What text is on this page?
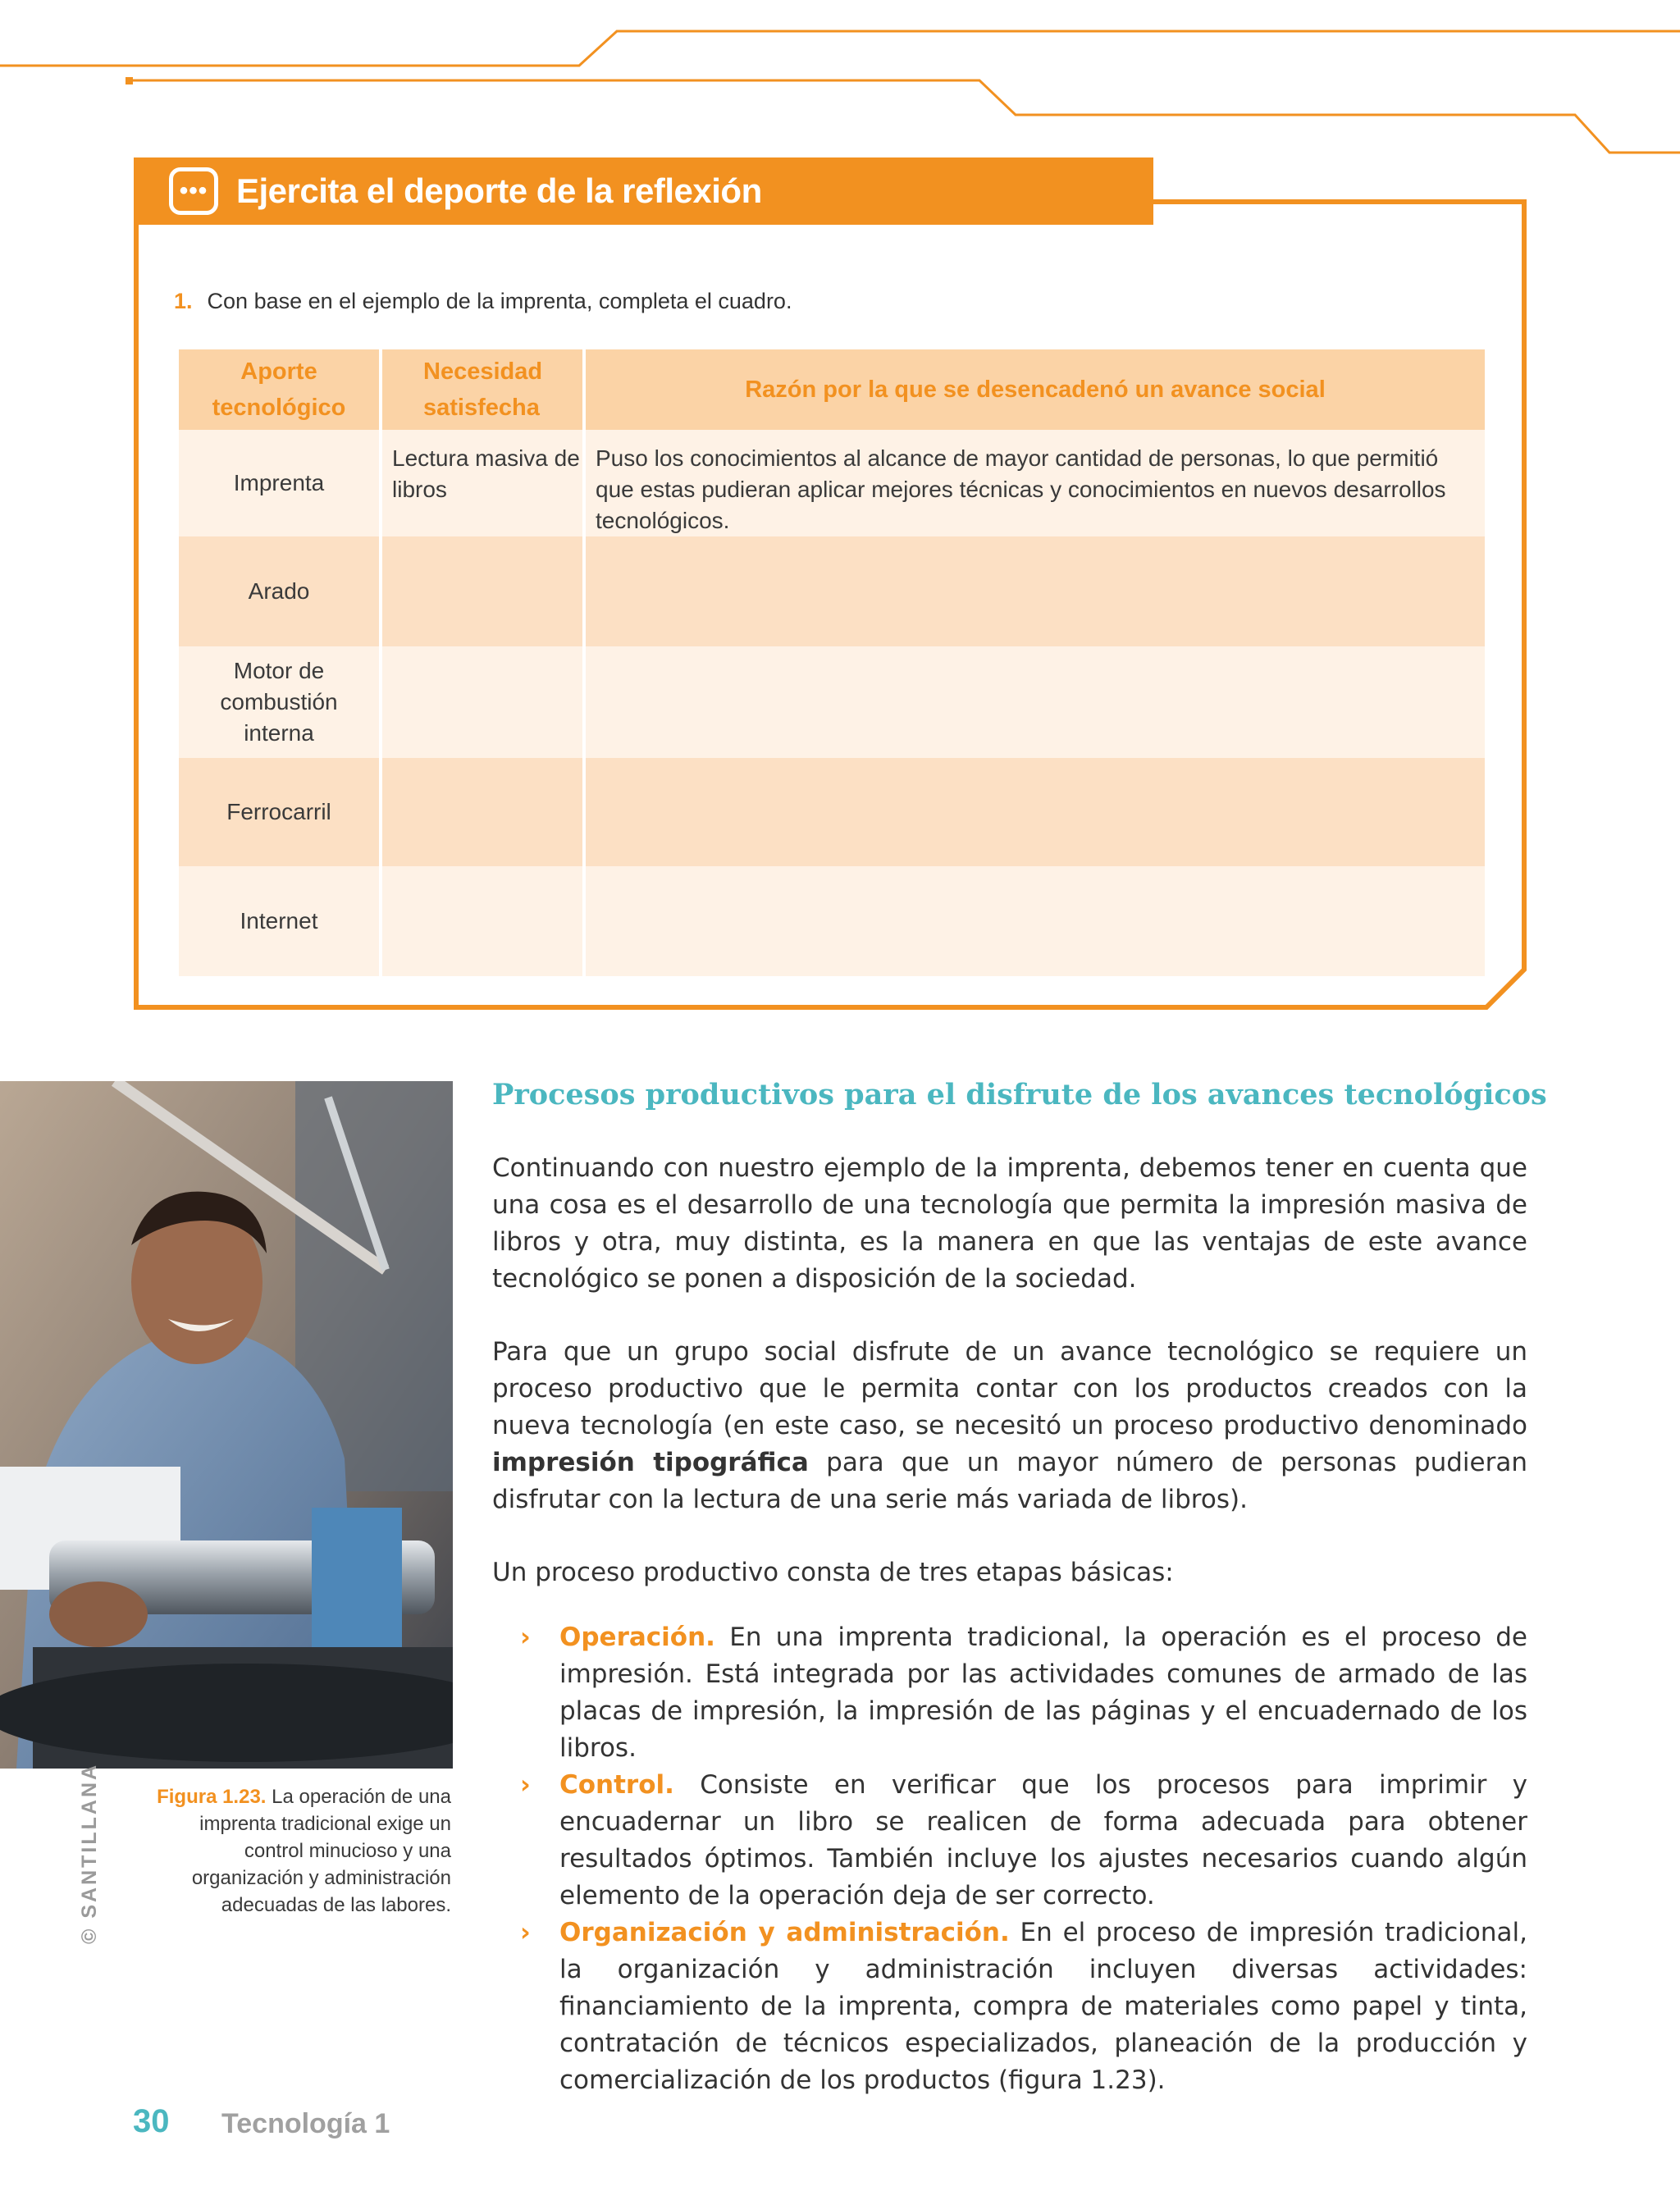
••• Ejercita el deporte de la reflexión
1. Con base en el ejemplo de la imprenta, completa el cuadro.
Aporte tecnológico	Necesidad satisfecha	Razón por la que se desencadenó un avance social
Imprenta	Lectura masiva de libros	Puso los conocimientos al alcance de mayor cantidad de personas, lo que permitió que estas pudieran aplicar mejores técnicas y conocimientos en nuevos desarrollos tecnológicos.
Arado		
Motor de combustión interna		
Ferrocarril		
Internet		
Figura 1.23. La operación de una imprenta tradicional exige un control minucioso y una organización y administración adecuadas de las labores.
© SANTILLANA
Procesos productivos para el disfrute de los avances tecnológicos

Continuando con nuestro ejemplo de la imprenta, debemos tener en cuenta que una cosa es el desarrollo de una tecnología que permita la impresión masiva de libros y otra, muy distinta, es la manera en que las ventajas de este avance tecnológico se ponen a disposición de la sociedad.

Para que un grupo social disfrute de un avance tecnológico se requiere un proceso productivo que le permita contar con los productos creados con la nueva tecnología (en este caso, se necesitó un proceso productivo denominado impresión tipográfica para que un mayor número de personas pudieran disfrutar con la lectura de una serie más variada de libros).

Un proceso productivo consta de tres etapas básicas:

› Operación. En una imprenta tradicional, la operación es el proceso de impresión. Está integrada por las actividades comunes de armado de las placas de impresión, la impresión de las páginas y el encuadernado de los libros.
› Control. Consiste en verificar que los procesos para imprimir y encuadernar un libro se realicen de forma adecuada para obtener resultados óptimos. También incluye los ajustes necesarios cuando algún elemento de la operación deja de ser correcto.
› Organización y administración. En el proceso de impresión tradicional, la organización y administración incluyen diversas actividades: financiamiento de la imprenta, compra de materiales como papel y tinta, contratación de técnicos especializados, planeación de la producción y comercialización de los productos (figura 1.23).
30 Tecnología 1
